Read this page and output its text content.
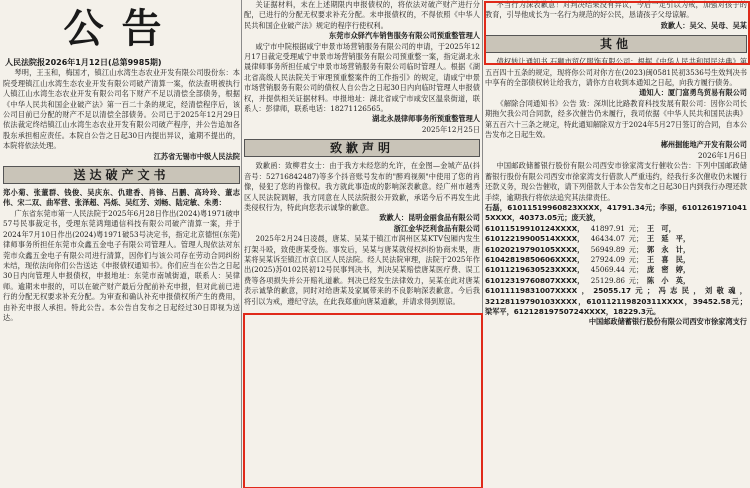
公告
人民法院报2026年1月12日(总第9985期)

琴明，王玉和，梅国才，镇江山水湾生态农业开发有限公司股份东：本院受理镇江山水湾生态农业开发有限公司破产清算一案，依法查明被执行人镇江山水湾生态农业开发有限公司名下财产不足以清偿全部债务，根据《中华人民共和国企业破产法》第一百二十条的规定，经清偿程序后，该公司目前已分配的财产不足以清偿全部债务。公司已于2025年12月29日依法裁定终结镇江山水湾生态农业开发有限公司破产程序，并公告追加各股东承担相应责任。本院自公告之日起30日内提出异议，逾期不提出的，本院将依法处理。

江苏省无锡市中级人民法院

送达破产文书

郑小菊、张董群、钱俊、吴庆东、仇建香、肖锋、吕鹏、高玲玲、董志伟、宋二双、曲军营、张泽超、冯烁、吴红芳、刘畅、陆定敏、朱勇：

广东省东莞市第一人民法院于2025年6月28日作出(2024)粤1971破申57号民事裁定书，受理东莞鸿翔通信科技有限公司破产清算一案，并于2024年7月10日作出(2024)粤1971破53号决定书，指定北京德恒(东莞)律师事务所担任东莞市众鑫五金电子有限公司管理人。管理人现依法对东莞市众鑫五金电子有限公司进行清算，因你们与该公司存在劳动合同纠纷未结，现依法向你们公告送达《申报债权通知书》。你们应当在公告之日起30日内向管理人申报债权，申报地址：东莞市南城街道，联系人：吴律师。逾期未申报的，可以在破产财产最后分配前补充申报，但对此前已进行的分配无权要求补充分配。为审查和确认补充申报债权所产生的费用，由补充申报人承担。特此公告。本公告自发布之日起经过30日即视为送达。

关证据材料，未在上述期限内申报债权的，将依法对破产财产进行分配，已进行的分配无权要求补充分配。未申报债权的，不得依照《中华人民共和国企业破产法》规定的程序行使权利。

东莞市众驿汽车销售服务有限公司预重整管理人

咸宁市中院根据咸宁申景市场营销服务有限公司的申请，于2025年12月17日裁定受理咸宁申景市场营销服务有限公司预重整一案，指定湖北永晟律师事务所担任咸宁申景市场营销服务有限公司临时管理人。根据《湖北省高级人民法院关于审理预重整案件的工作指引》的规定，请咸宁申景市场营销服务有限公司的债权人自公告之日起30日内向临时管理人申报债权，并提供相关证据材料。申报地址：湖北省咸宁市咸安区温泉街道，联系人：彭律师，联系电话：18271126565。

湖北永晟律师事务所预重整管理人

2025年12月25日

致歉声明

致歉函：致柳君女士：由于我方未经您的允许，在金图—金城产品(抖音号：52716842487)等多个抖音账号发布的"醉鸡视频"中使用了您的肖像，侵犯了您的肖像权。我方就此事造成的影响深表歉意。经广州市越秀区人民法院调解，我方同意在人民法院报公开致歉，承诺今后不再发生此类侵权行为，特此向您表示诚挚的歉意。

致歉人：昆明金丽食品有限公司

浙江金华泛利食品有限公司

2025年2月24日凌晨，唐某、吴某于镇江市润州区某KTV包厢内发生打架斗殴，致使唐某受伤。事发后，吴某与唐某就侵权纠纷协商未果，唐某将吴某诉至镇江市京口区人民法院。经人民法院审理，法院于2025年作出(2025)苏0102民初12号民事判决书，判决吴某赔偿唐某医疗费、误工费等各项损失并公开赔礼道歉。判决已经发生法律效力，吴某在此对唐某表示诚挚的歉意，同时对给唐某及家属带来的不良影响深表歉意。今后我将引以为戒，遵纪守法，在此我郑重向唐某道歉，并请求得到原谅。

不当行为深表歉意！对判决结果没有异议，今后一定引以为戒，加强对孩子的教育，引导他成长为一名行为规范的好公民，恳请孩子父母谅解。

致歉人：吴父、吴母、吴某

其他

债权转让通知书 石狮市贸亿服饰有限公司：根据《中华人民共和国民法典》第五百四十五条的规定，现将你公司对你方在(2023)闽0581民初3536号生效判决书中享有的全部债权转让给我方，请你方自收到本通知之日起，向我方履行债务。

通知人：厦门富勇鸟贸易有限公司

《解除合同通知书》公告 致：深圳比比路教育科技发展有限公司：因你公司长期拖欠我公司合同款，经多次催告仍未履行，我司依据《中华人民共和国民法典》第五百六十三条之规定，特此通知解除双方于2024年5月27日签订的合同，自本公告发布之日起生效。

郴州掘能地产开发有限公司

2026年1月6日

中国邮政储蓄银行股份有限公司西安市徐家湾支行催收公告：下列中国邮政储蓄银行股份有限公司西安市徐家湾支行借款人严重违约，经我行多次催收仍未履行还款义务，现公告催收，请下列借款人于本公告发布之日起30日内到我行办理还款手续，逾期我行将依法追究其法律责任。

石磊，6101151996082​3XXXX，41791.34元；李丽，6101261971041​5XXXX，40373.05元；庞天波，

610115199101​24XXXX， 41897.91 元； 王　可，
610122199005​14XXXX， 46434.07 元； 王　延　平，
610202197901​05XXXX， 56949.89 元； 郭　永　计，
610428198506​06XXXX， 27924.09 元； 王　喜　民，
610112196305​23XXXX， 45069.44 元； 庞　密　婷，
610123197608​07XXXX， 25129.86 元； 陈　小　英，

6101111983100​7XXXX，25055.17元；冯志民，刘敬魂，3212811979010​3XXXX，61011211982031​1XXXX，39452.58元；梁军平，6121281975072​4XXXX，18229.3元。

中国邮政储蓄银行股份有限公司西安市徐家湾支行
